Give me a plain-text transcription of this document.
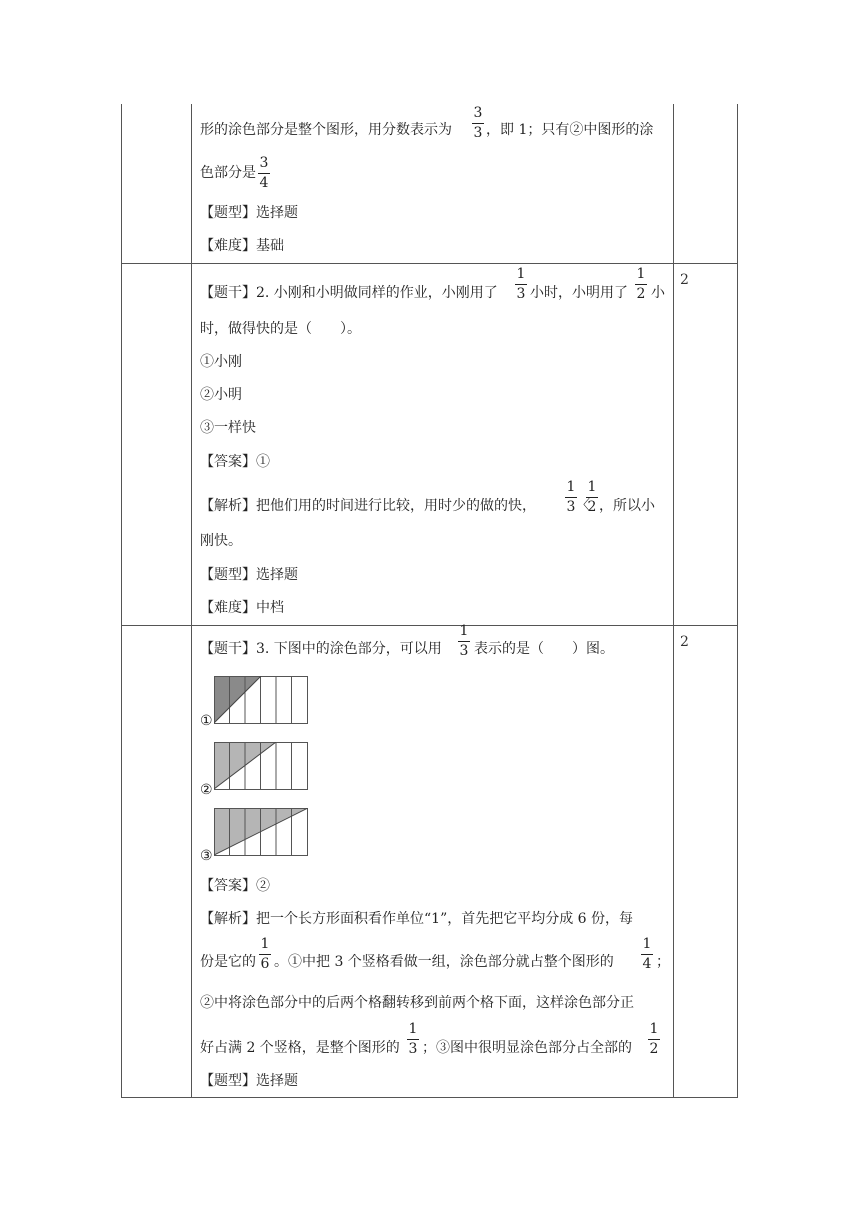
形的涂色部分是整个图形，用分数表示为
3
3 ，即 1；只有②中图形的涂
色部分是
3
4
【题型】选择题
【难度】基础
2
【题干】2. 小刚和小明做同样的作业，小刚用了
1
3 小时，小明用了
1
2 小
时，做得快的是（　　）。
①小刚
②小明
③一样快
【答案】①
【解析】把他们用的时间进行比较，用时少的做的快，
1
3 〈
1
2 ，所以小
刚快。
【题型】选择题
【难度】中档
2
【题干】3. 下图中的涂色部分，可以用
1
3 表示的是（　　）图。
①
②
③
【答案】②
【解析】把一个长方形面积看作单位“1”，首先把它平均分成 6 份，每
份是它的
1
6 。①中把 3 个竖格看做一组，涂色部分就占整个图形的
1
4 ；
②中将涂色部分中的后两个格翻转移到前两个格下面，这样涂色部分正
好占满 2 个竖格，是整个图形的
1
3 ；③图中很明显涂色部分占全部的
1
2
【题型】选择题
